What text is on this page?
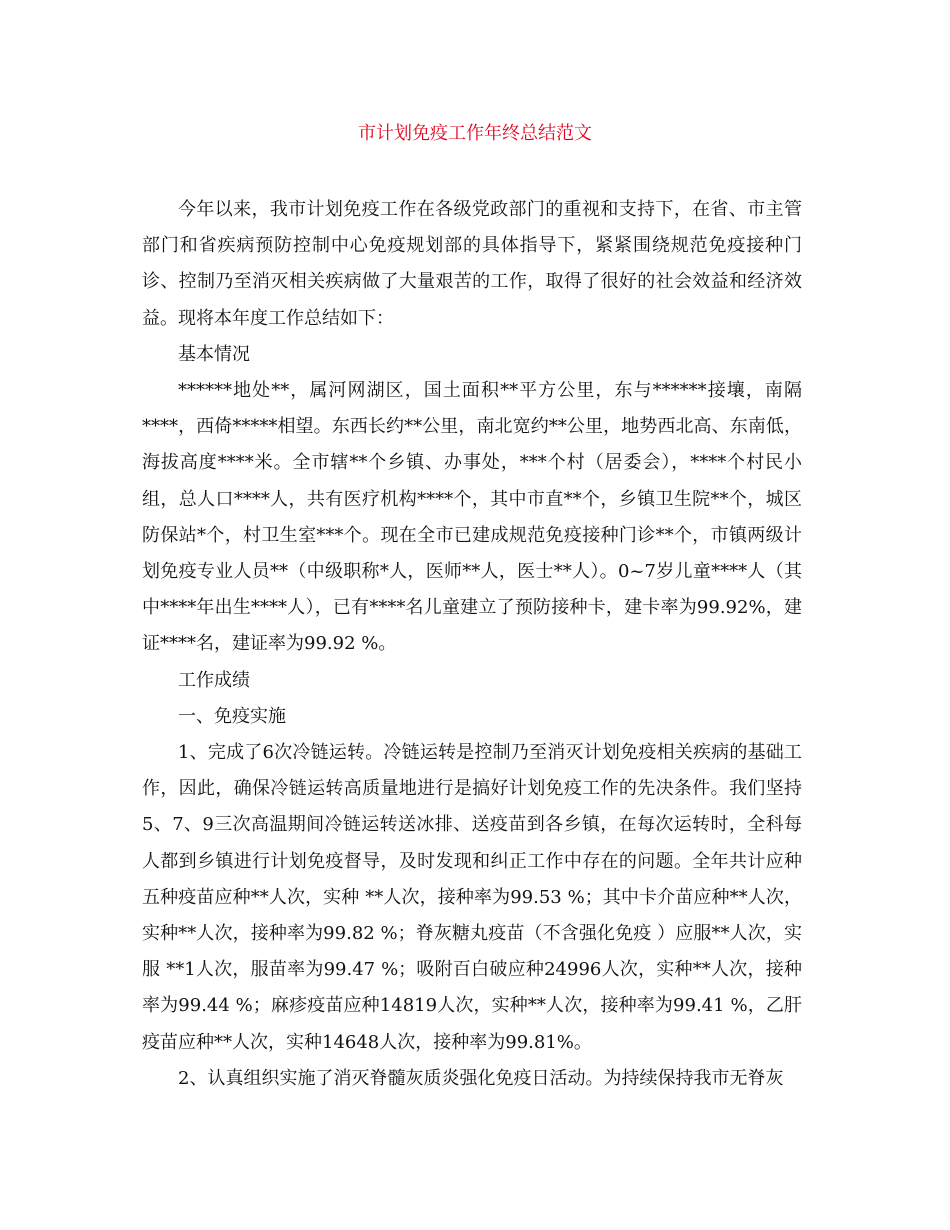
市计划免疫工作年终总结范文

今年以来，我市计划免疫工作在各级党政部门的重视和支持下，在省、市主管部门和省疾病预防控制中心免疫规划部的具体指导下，紧紧围绕规范免疫接种门诊、控制乃至消灭相关疾病做了大量艰苦的工作，取得了很好的社会效益和经济效益。现将本年度工作总结如下：

基本情况

******地处**，属河网湖区，国土面积**平方公里，东与******接壤，南隔****，西倚*****相望。东西长约**公里，南北宽约**公里，地势西北高、东南低，海拔高度****米。全市辖**个乡镇、办事处，***个村（居委会），****个村民小组，总人口****人，共有医疗机构****个，其中市直**个，乡镇卫生院**个，城区防保站*个，村卫生室***个。现在全市已建成规范免疫接种门诊**个，市镇两级计划免疫专业人员**（中级职称*人，医师**人，医士**人）。0~7岁儿童****人（其中****年出生****人），已有****名儿童建立了预防接种卡，建卡率为99.92%，建证****名，建证率为99.92 %。

工作成绩

一、免疫实施

1、完成了6次冷链运转。冷链运转是控制乃至消灭计划免疫相关疾病的基础工作，因此，确保冷链运转高质量地进行是搞好计划免疫工作的先决条件。我们坚持5、7、9三次高温期间冷链运转送冰排、送疫苗到各乡镇，在每次运转时，全科每人都到乡镇进行计划免疫督导，及时发现和纠正工作中存在的问题。全年共计应种五种疫苗应种**人次，实种 **人次，接种率为99.53 %；其中卡介苗应种**人次，实种**人次，接种率为99.82 %；脊灰糖丸疫苗（不含强化免疫 ）应服**人次，实服 **1人次，服苗率为99.47 %；吸附百白破应种24996人次，实种**人次，接种率为99.44 %；麻疹疫苗应种14819人次，实种**人次，接种率为99.41 %，乙肝疫苗应种**人次，实种14648人次，接种率为99.81%。

2、认真组织实施了消灭脊髓灰质炎强化免疫日活动。为持续保持我市无脊灰
